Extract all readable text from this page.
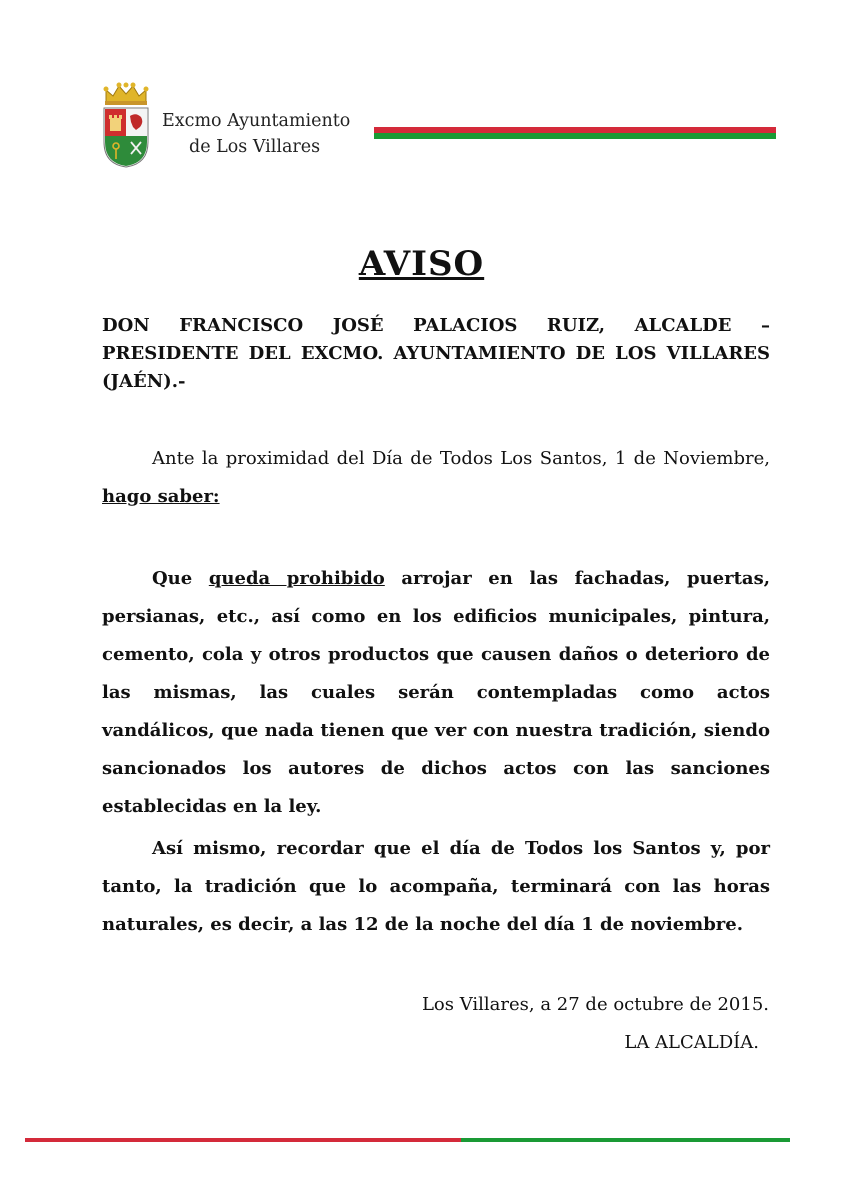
Excmo Ayuntamiento
de Los Villares
AVISO
DON FRANCISCO JOSÉ PALACIOS RUIZ, ALCALDE – PRESIDENTE DEL EXCMO. AYUNTAMIENTO DE LOS VILLARES (JAÉN).-
Ante la proximidad del Día de Todos Los Santos, 1 de Noviembre, hago saber:
Que queda prohibido arrojar en las fachadas, puertas, persianas, etc., así como en los edificios municipales, pintura, cemento, cola y otros productos que causen daños o deterioro de las mismas, las cuales serán contempladas como actos vandálicos, que nada tienen que ver con nuestra tradición, siendo sancionados los autores de dichos actos con las sanciones establecidas en la ley.
Así mismo, recordar que el día de Todos los Santos y, por tanto, la tradición que lo acompaña, terminará con las horas naturales, es decir, a las 12 de la noche del día 1 de noviembre.
Los Villares, a 27 de octubre de 2015.
LA ALCALDÍA.
